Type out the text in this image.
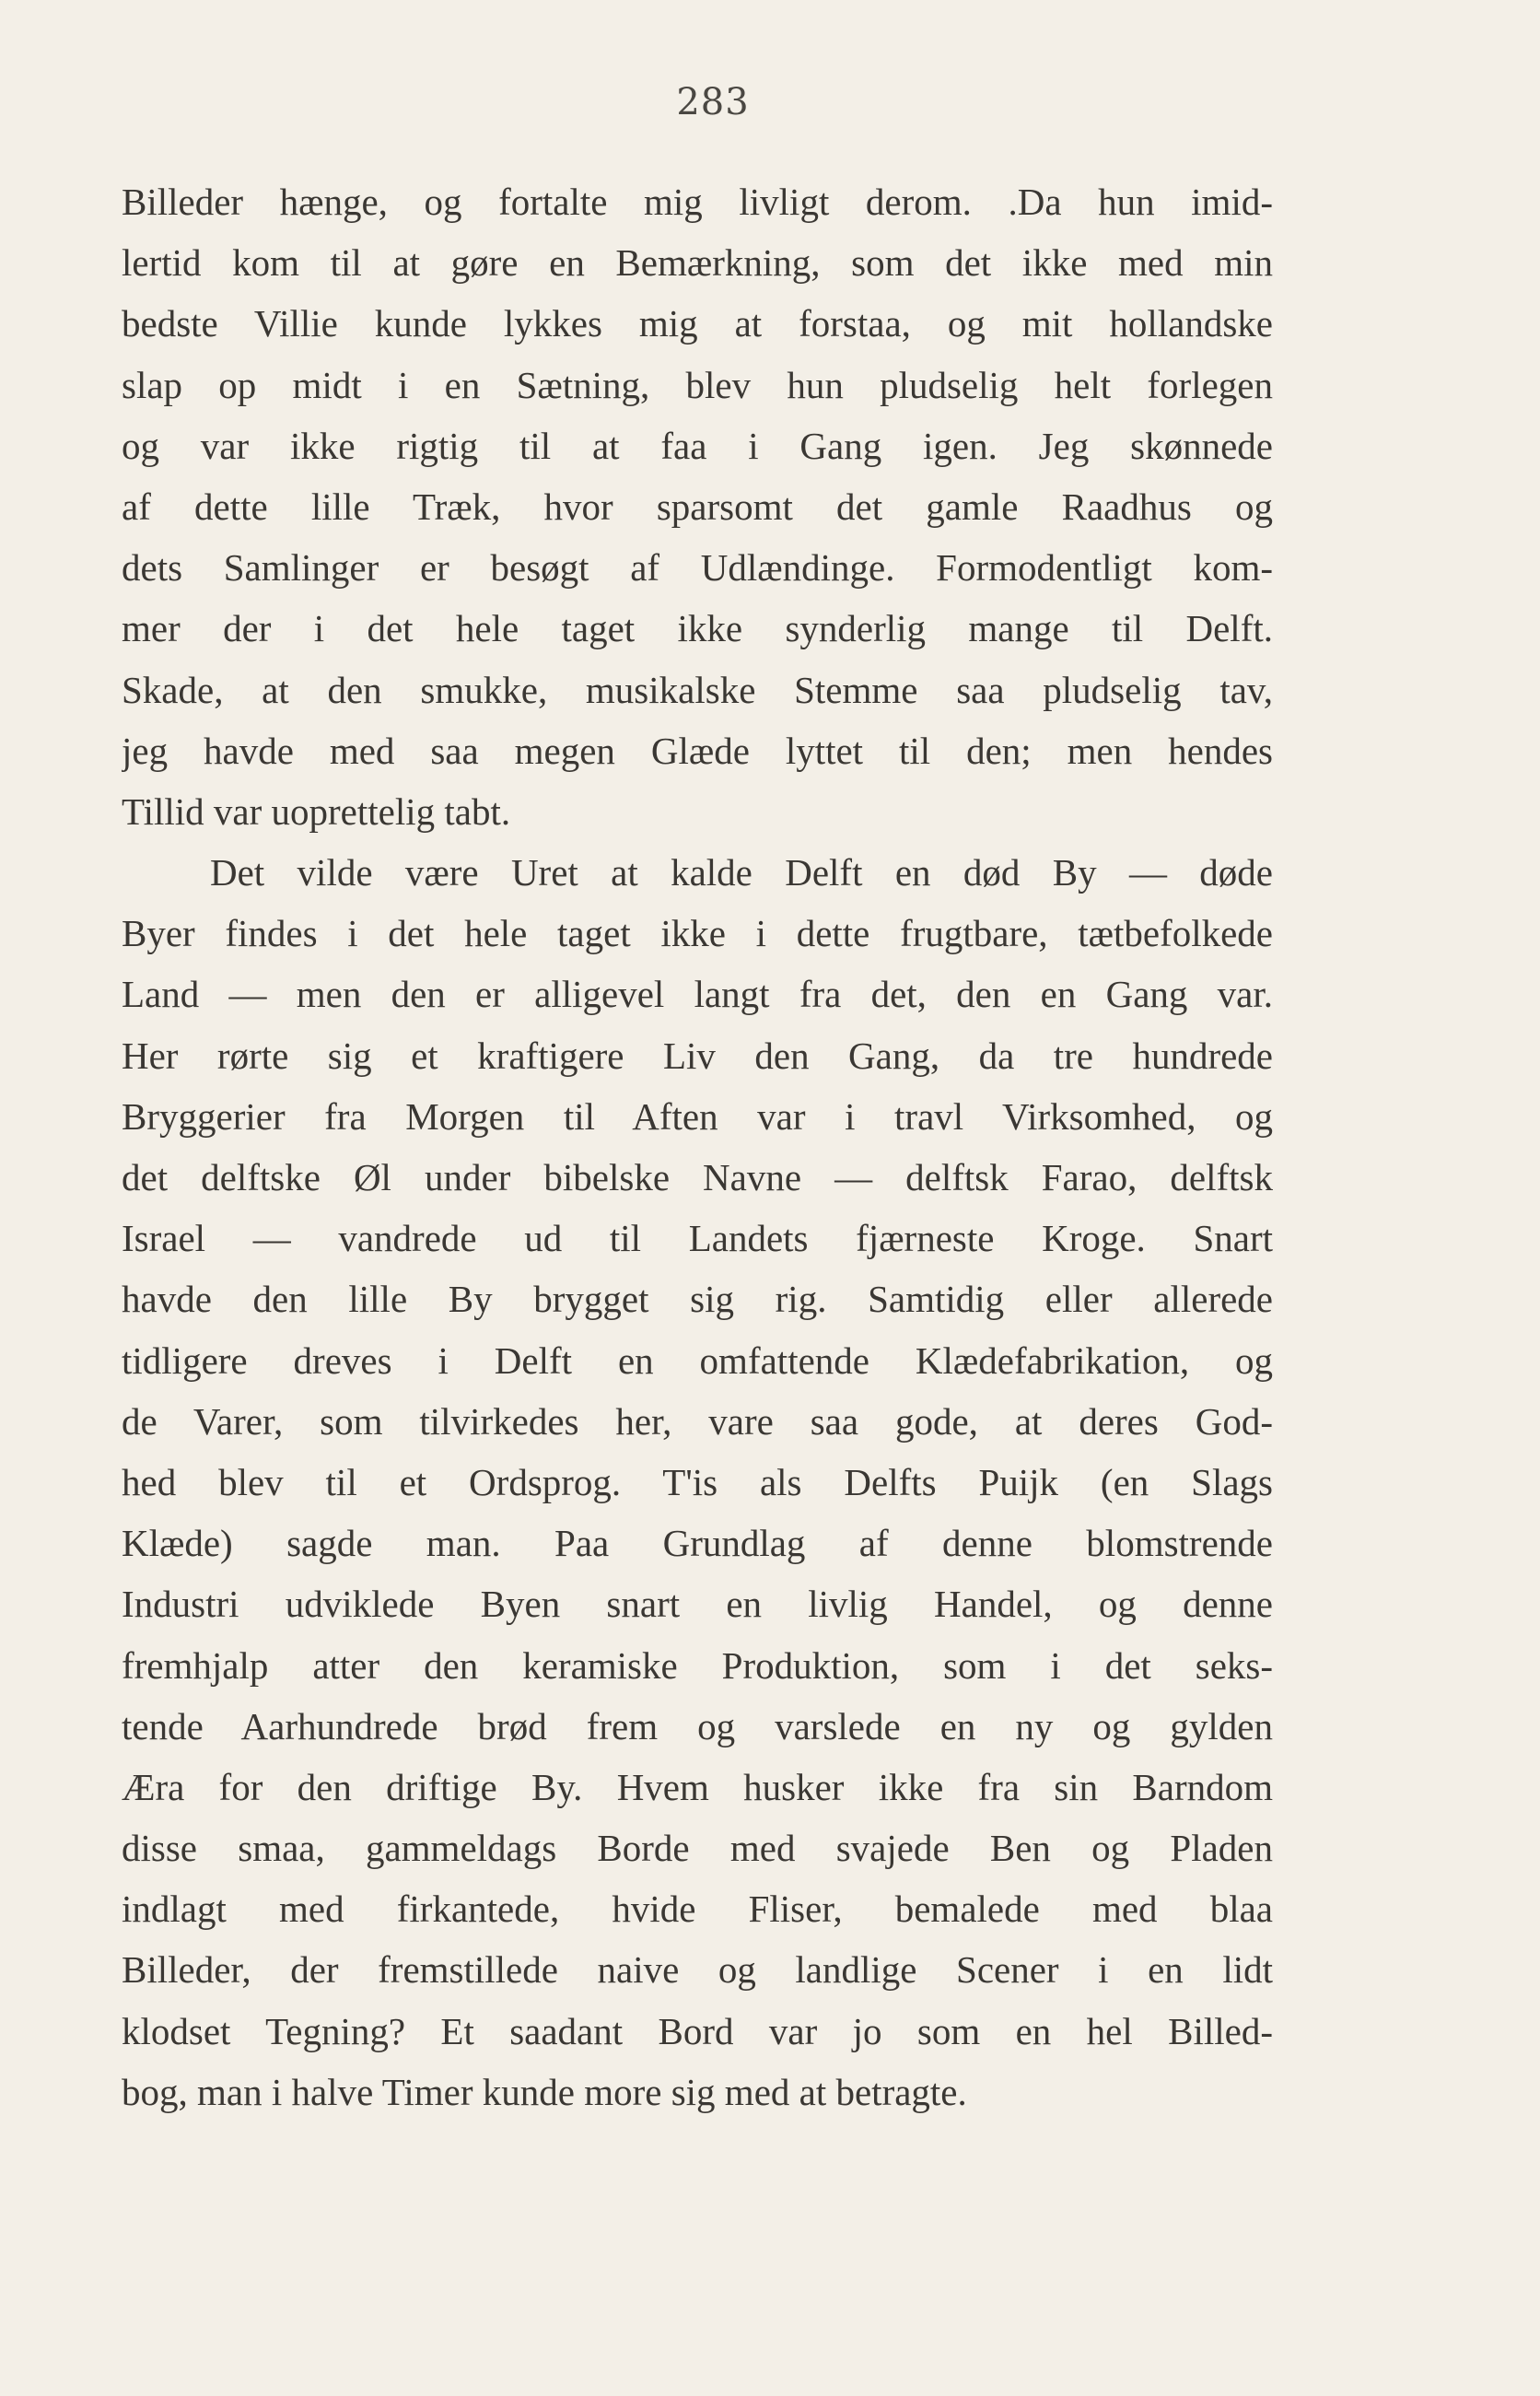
283
Billeder hænge, og fortalte mig livligt derom. .Da hun imid-
lertid kom til at gøre en Bemærkning, som det ikke med min
bedste Villie kunde lykkes mig at forstaa, og mit hollandske
slap op midt i en Sætning, blev hun pludselig helt forlegen
og var ikke rigtig til at faa i Gang igen. Jeg skønnede
af dette lille Træk, hvor sparsomt det gamle Raadhus og
dets Samlinger er besøgt af Udlændinge. Formodentligt kom-
mer der i det hele taget ikke synderlig mange til Delft.
Skade, at den smukke, musikalske Stemme saa pludselig tav,
jeg havde med saa megen Glæde lyttet til den; men hendes
Tillid var uoprettelig tabt.
Det vilde være Uret at kalde Delft en død By — døde
Byer findes i det hele taget ikke i dette frugtbare, tætbefolkede
Land — men den er alligevel langt fra det, den en Gang var.
Her rørte sig et kraftigere Liv den Gang, da tre hundrede
Bryggerier fra Morgen til Aften var i travl Virksomhed, og
det delftske Øl under bibelske Navne — delftsk Farao, delftsk
Israel — vandrede ud til Landets fjærneste Kroge. Snart
havde den lille By brygget sig rig. Samtidig eller allerede
tidligere dreves i Delft en omfattende Klædefabrikation, og
de Varer, som tilvirkedes her, vare saa gode, at deres God-
hed blev til et Ordsprog. T'is als Delfts Puijk (en Slags
Klæde) sagde man. Paa Grundlag af denne blomstrende
Industri udviklede Byen snart en livlig Handel, og denne
fremhjalp atter den keramiske Produktion, som i det seks-
tende Aarhundrede brød frem og varslede en ny og gylden
Æra for den driftige By. Hvem husker ikke fra sin Barndom
disse smaa, gammeldags Borde med svajede Ben og Pladen
indlagt med firkantede, hvide Fliser, bemalede med blaa
Billeder, der fremstillede naive og landlige Scener i en lidt
klodset Tegning? Et saadant Bord var jo som en hel Billed-
bog, man i halve Timer kunde more sig med at betragte.
